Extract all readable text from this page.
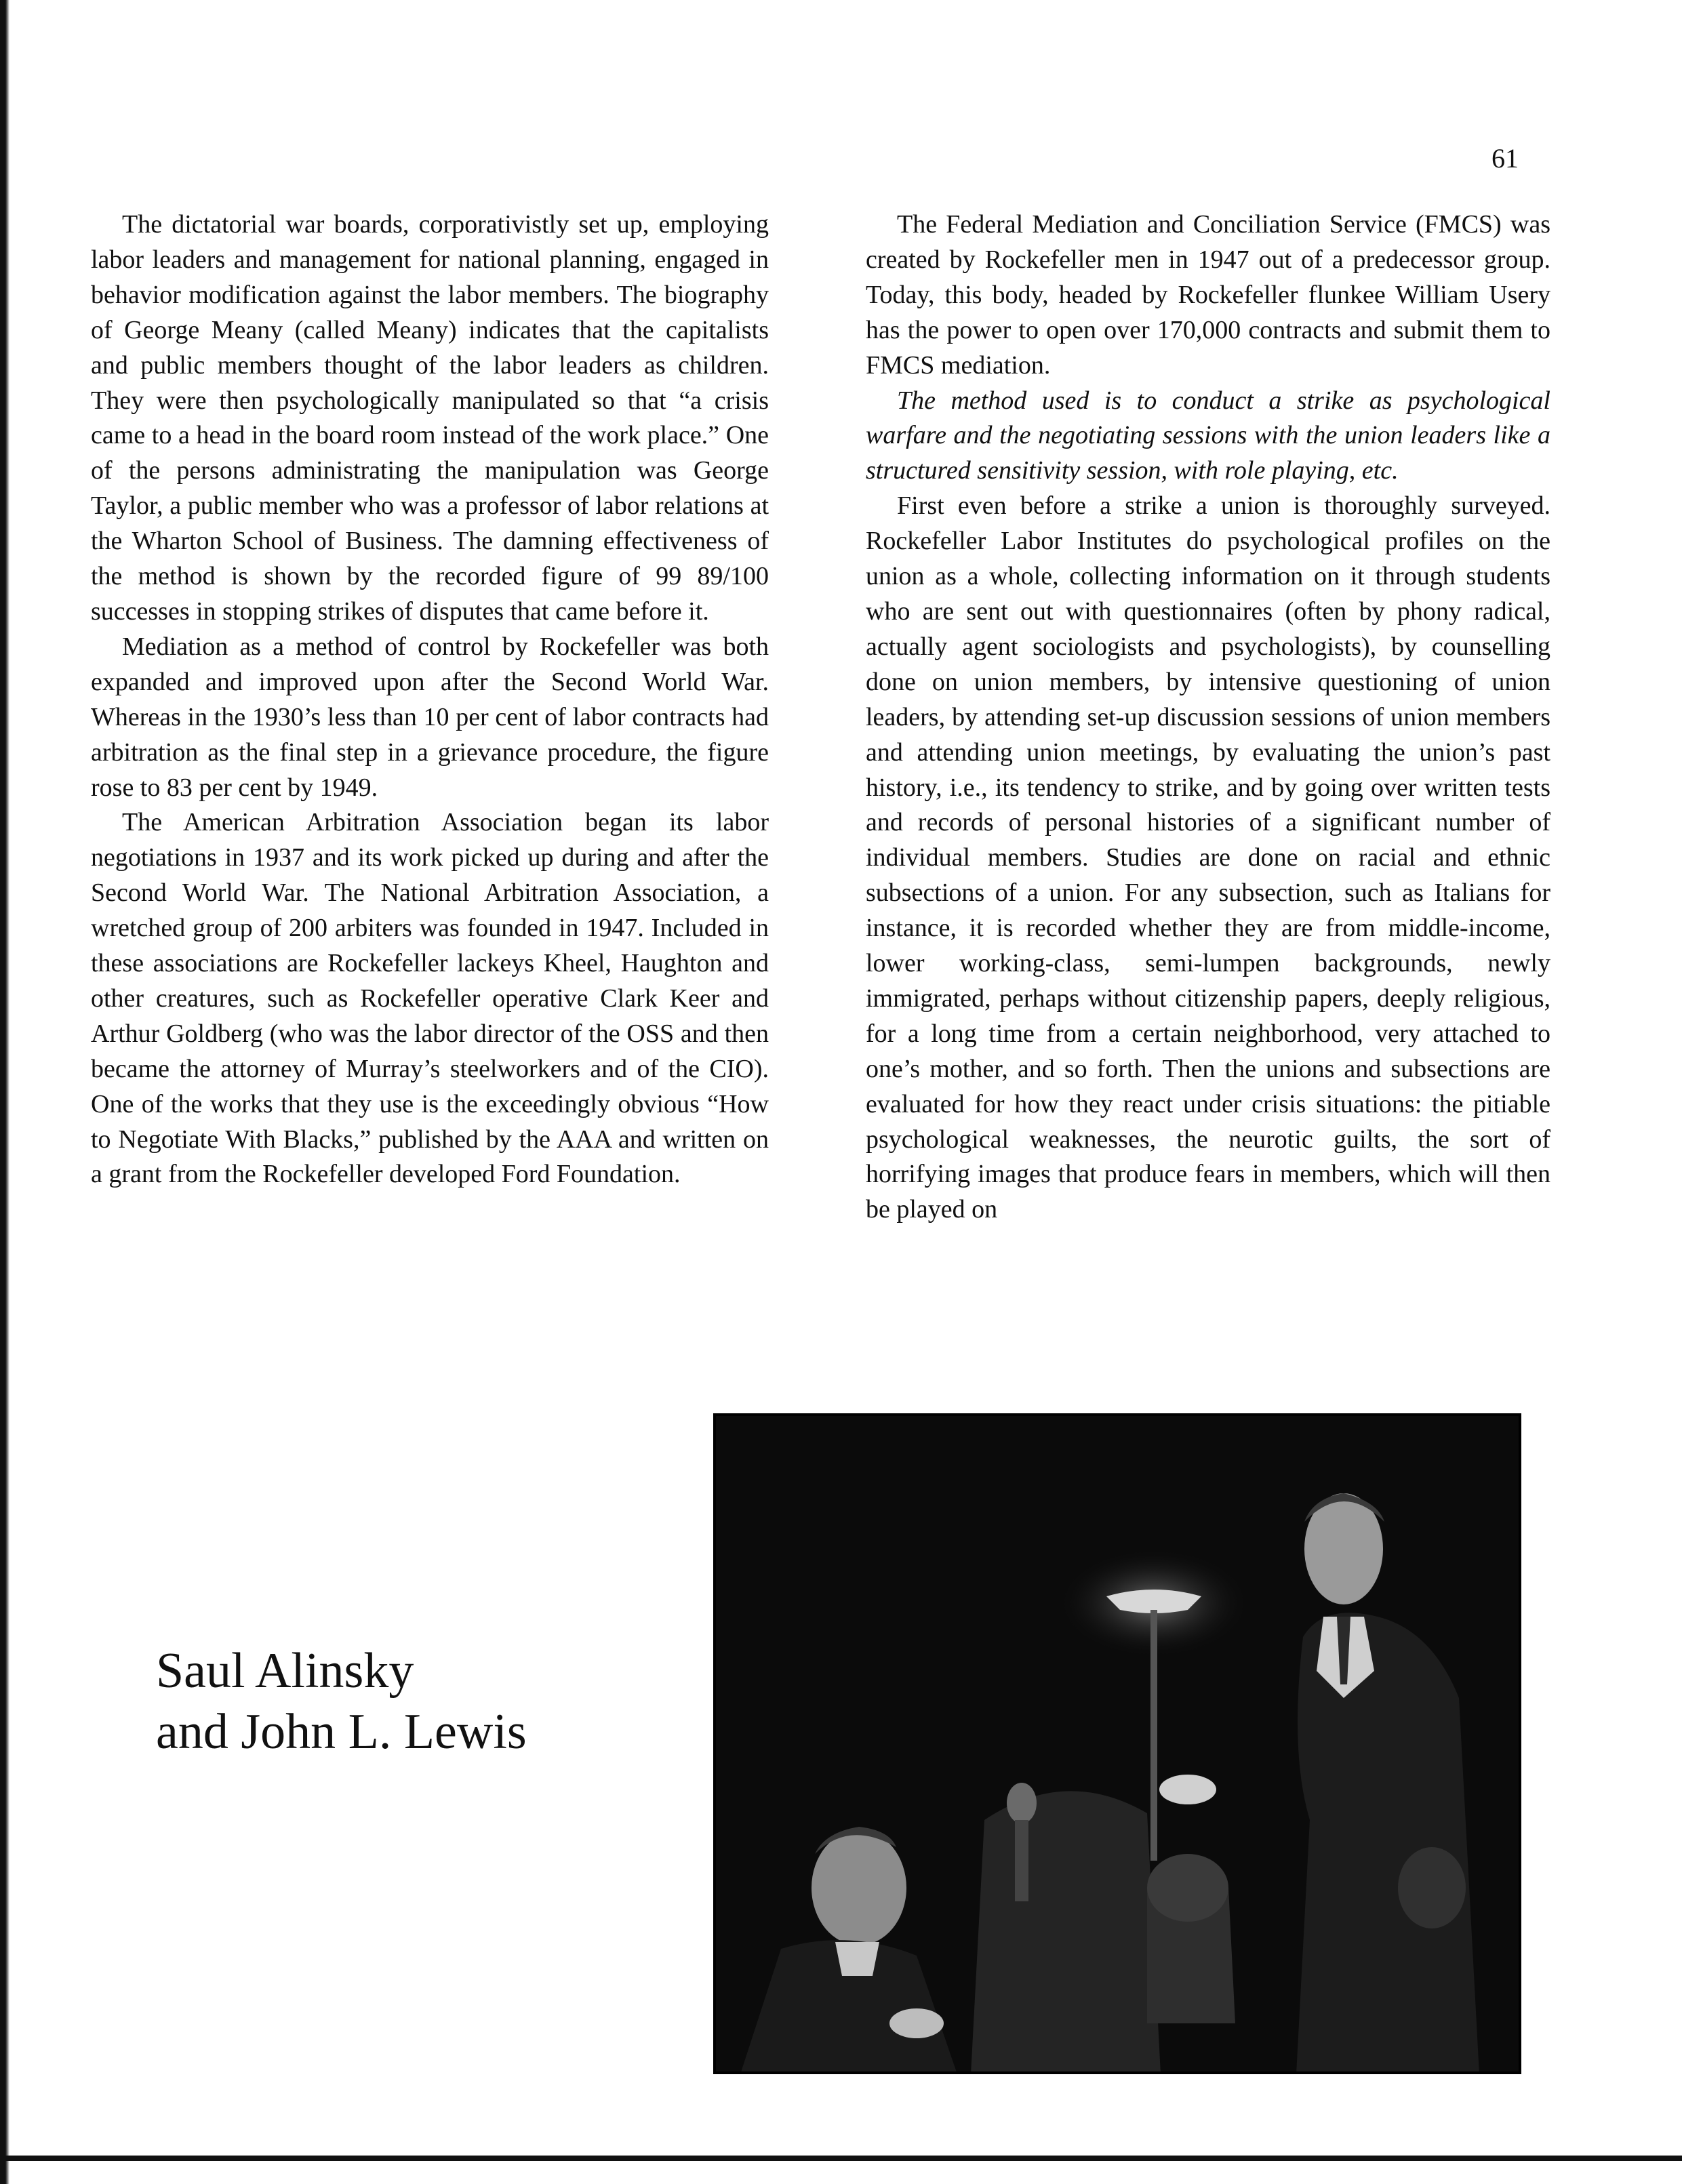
61

The dictatorial war boards, corporativistly set up, employing labor leaders and management for national planning, engaged in behavior modification against the labor members. The biography of George Meany (called Meany) indicates that the capitalists and public members thought of the labor leaders as children. They were then psychologically manipulated so that “a crisis came to a head in the board room instead of the work place.” One of the persons administrating the manipulation was George Taylor, a public member who was a professor of labor relations at the Wharton School of Business. The damning effectiveness of the method is shown by the recorded figure of 99 89/100 successes in stopping strikes of disputes that came before it.

Mediation as a method of control by Rockefeller was both expanded and improved upon after the Second World War. Whereas in the 1930’s less than 10 per cent of labor contracts had arbitration as the final step in a grievance procedure, the figure rose to 83 per cent by 1949.

The American Arbitration Association began its labor negotiations in 1937 and its work picked up during and after the Second World War. The National Arbitration Association, a wretched group of 200 arbiters was founded in 1947. Included in these associations are Rockefeller lackeys Kheel, Haughton and other creatures, such as Rockefeller operative Clark Keer and Arthur Goldberg (who was the labor director of the OSS and then became the attorney of Murray’s steelworkers and of the CIO). One of the works that they use is the exceedingly obvious “How to Negotiate With Blacks,” published by the AAA and written on a grant from the Rockefeller developed Ford Foundation.

The Federal Mediation and Conciliation Service (FMCS) was created by Rockefeller men in 1947 out of a predecessor group. Today, this body, headed by Rockefeller flunkee William Usery has the power to open over 170,000 contracts and submit them to FMCS mediation.

The method used is to conduct a strike as psychological warfare and the negotiating sessions with the union leaders like a structured sensitivity session, with role playing, etc.

First even before a strike a union is thoroughly surveyed. Rockefeller Labor Institutes do psychological profiles on the union as a whole, collecting information on it through students who are sent out with questionnaires (often by phony radical, actually agent sociologists and psychologists), by counselling done on union members, by intensive questioning of union leaders, by attending set-up discussion sessions of union members and attending union meetings, by evaluating the union’s past history, i.e., its tendency to strike, and by going over written tests and records of personal histories of a significant number of individual members. Studies are done on racial and ethnic subsections of a union. For any subsection, such as Italians for instance, it is recorded whether they are from middle-income, lower working-class, semi-lumpen backgrounds, newly immigrated, perhaps without citizenship papers, deeply religious, for a long time from a certain neighborhood, very attached to one’s mother, and so forth. Then the unions and subsections are evaluated for how they react under crisis situations: the pitiable psychological weaknesses, the neurotic guilts, the sort of horrifying images that produce fears in members, which will then be played on

Saul Alinsky
and John L. Lewis
